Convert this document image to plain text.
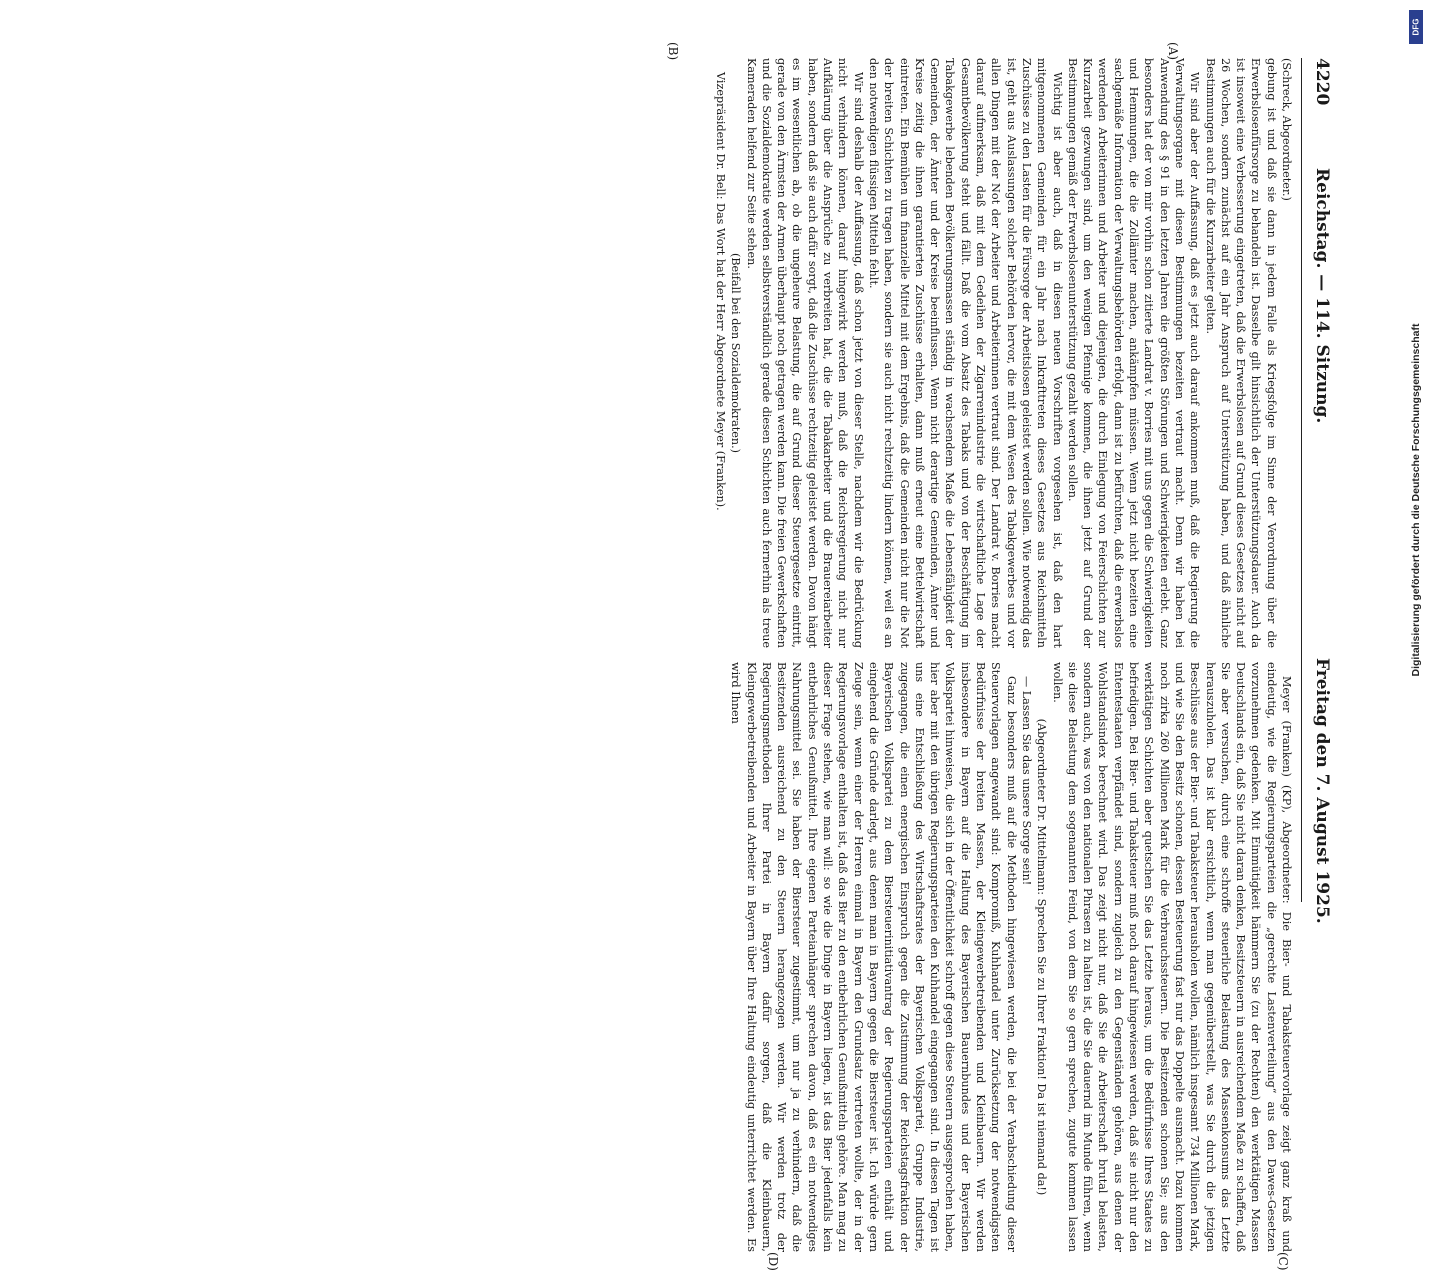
4220
Reichstag. — 114. Sitzung.
Freitag den 7. August 1925.
(A)
(B)
(C)
(D)

(Schreck, Abgeordneter.)

gebung ist und daß sie dann in jedem Falle als Kriegsfolge im Sinne der Verordnung über die Erwerbslosenfürsorge zu behandeln ist. Dasselbe gilt hinsichtlich der Unterstützungsdauer. Auch da ist insoweit eine Verbesserung eingetreten, daß die Erwerbslosen auf Grund dieses Gesetzes nicht auf 26 Wochen, sondern zunächst auf ein Jahr Anspruch auf Unterstützung haben, und daß ähnliche Bestimmungen auch für die Kurzarbeiter gelten.

Wir sind aber der Auffassung, daß es jetzt auch darauf ankommen muß, daß die Regierung die Verwaltungsorgane mit diesen Bestimmungen bezeiten vertraut macht. Denn wir haben bei Anwendung des § 91 in den letzten Jahren die größten Störungen und Schwierigkeiten erlebt. Ganz besonders hat der von mir vorhin schon zitierte Landrat v. Borries mit uns gegen die Schwierigkeiten und Hemmungen, die die Zollämter machen, ankämpfen müssen. Wenn jetzt nicht bezeiten eine sachgemäße Information der Verwaltungsbehörden erfolgt, dann ist zu befürchten, daß die erwerbslos werdenden Arbeiterinnen und Arbeiter und diejenigen, die durch Einlegung von Feierschichten zur Kurzarbeit gezwungen sind, um den wenigen Pfennige kommen, die ihnen jetzt auf Grund der Bestimmungen gemäß der Erwerbslosenunterstützung gezahlt werden sollen.

Wichtig ist aber auch, daß in diesen neuen Vorschriften vorgesehen ist, daß den hart mitgenommenen Gemeinden für ein Jahr nach Inkrafttreten dieses Gesetzes aus Reichsmitteln Zuschüsse zu den Lasten für die Fürsorge der Arbeitslosen geleistet werden sollen. Wie notwendig das ist, geht aus Auslassungen solcher Behörden hervor, die mit dem Wesen des Tabakgewerbes und vor allen Dingen mit der Not der Arbeiter und Arbeiterinnen vertraut sind. Der Landrat v. Borries macht darauf aufmerksam, daß mit dem Gedeihen der Zigarrenindustrie die wirtschaftliche Lage der Gesamtbevölkerung steht und fällt. Daß die vom Absatz des Tabaks und von der Beschäftigung im Tabakgewerbe lebenden Bevölkerungsmassen ständig in wachsendem Maße die Lebensfähigkeit der Gemeinden, der Ämter und der Kreise beeinflussen. Wenn nicht derartige Gemeinden, Ämter und Kreise zeitig die ihnen garantierten Zuschüsse erhalten, dann muß erneut eine Bettelwirtschaft eintreten. Ein Bemühen um finanzielle Mittel mit dem Ergebnis, daß die Gemeinden nicht nur die Not der breiten Schichten zu tragen haben, sondern sie auch nicht rechtzeitig lindern können, weil es an den notwendigen flüssigen Mitteln fehlt.

Wir sind deshalb der Auffassung, daß schon jetzt von dieser Stelle, nachdem wir die Bedrückung nicht verhindern können, darauf hingewirkt werden muß, daß die Reichsregierung nicht nur Aufklärung über die Ansprüche zu verbreiten hat, die die Tabakarbeiter und die Brauereiarbeiter haben, sondern daß sie auch dafür sorgt, daß die Zuschüsse rechtzeitig geleistet werden. Davon hängt es im wesentlichen ab, ob die ungeheure Belastung, die auf Grund dieser Steuergesetze eintritt, gerade von den Ärmsten der Armen überhaupt noch getragen werden kann. Die freien Gewerkschaften und die Sozialdemokratie werden selbstverständlich gerade diesen Schichten auch fernerhin als treue Kameraden helfend zur Seite stehen.

(Beifall bei den Sozialdemokraten.)

Vizepräsident Dr. Bell: Das Wort hat der Herr Abgeordnete Meyer (Franken).

Meyer (Franken) (KP), Abgeordneter: Die Bier- und Tabaksteuervorlage zeigt ganz kraß und eindeutig, wie die Regierungsparteien die „gerechte Lastenverteilung“ aus den Dawes-Gesetzen vorzunehmen gedenken. Mit Einmütigkeit hämmern Sie (zu der Rechten) den werktätigen Massen Deutschlands ein, daß Sie nicht daran denken, Besitzsteuern in ausreichendem Maße zu schaffen, daß Sie aber versuchen, durch eine schroffe steuerliche Belastung des Massenkonsums das Letzte herauszuholen. Das ist klar ersichtlich, wenn man gegenüberstellt, was Sie durch die jetzigen Beschlüsse aus der Bier- und Tabaksteuer herausholen wollen, nämlich insgesamt 734 Millionen Mark, und wie Sie den Besitz schonen, dessen Besteuerung fast nur das Doppelte ausmacht. Dazu kommen noch zirka 260 Millionen Mark für die Verbrauchssteuern. Die Besitzenden schonen Sie; aus den werktätigen Schichten aber quetschen Sie das Letzte heraus, um die Bedürfnisse Ihres Staates zu befriedigen. Bei Bier- und Tabaksteuer muß noch darauf hingewiesen werden, daß sie nicht nur den Ententestaaten verpfändet sind, sondern zugleich zu den Gegenständen gehören, aus denen der Wohlstandsindex berechnet wird. Das zeigt nicht nur, daß Sie die Arbeiterschaft brutal belasten, sondern auch, was von den nationalen Phrasen zu halten ist, die Sie dauernd im Munde führen, wenn sie diese Belastung dem sogenannten Feind, von dem Sie so gern sprechen, zugute kommen lassen wollen.

(Abgeordneter Dr. Mittelmann: Sprechen Sie zu Ihrer Fraktion! Da ist niemand da!)

— Lassen Sie das unsere Sorge sein!

Ganz besonders muß auf die Methoden hingewiesen werden, die bei der Verabschiedung dieser Steuervorlagen angewandt sind: Kompromiß, Kuhhandel unter Zurücksetzung der notwendigsten Bedürfnisse der breiten Massen, der Kleingewerbetreibenden und Kleinbauern. Wir werden insbesondere in Bayern auf die Haltung des Bayerischen Bauernbundes und der Bayerischen Volkspartei hinweisen, die sich in der Öffentlichkeit schroff gegen diese Steuern ausgesprochen haben, hier aber mit den übrigen Regierungsparteien den Kuhhandel eingegangen sind. In diesen Tagen ist uns eine Entschließung des Wirtschaftsrates der Bayerischen Volkspartei, Gruppe Industrie, zugegangen, die einen energischen Einspruch gegen die Zustimmung der Reichstagsfraktion der Bayerischen Volkspartei zu dem Biersteuerinitiativantrag der Regierungsparteien enthält und eingehend die Gründe darlegt, aus denen man in Bayern gegen die Biersteuer ist. Ich würde gern Zeuge sein, wenn einer der Herren einmal in Bayern den Grundsatz vertreten wollte, der in der Regierungsvorlage enthalten ist, daß das Bier zu den entbehrlichen Genußmitteln gehöre. Man mag zu dieser Frage stehen, wie man will: so wie die Dinge in Bayern liegen, ist das Bier jedenfalls kein entbehrliches Genußmittel. Ihre eigenen Parteianhänger sprechen davon, daß es ein notwendiges Nahrungsmittel sei. Sie haben der Biersteuer zugestimmt, um nur ja zu verhindern, daß die Besitzenden ausreichend zu den Steuern herangezogen werden. Wir werden trotz der Regierungsmethoden Ihrer Partei in Bayern dafür sorgen, daß die Kleinbauern, Kleingewerbetreibenden und Arbeiter in Bayern über Ihre Haltung eindeutig unterrichtet werden. Es wird Ihnen

DFG
Digitalisierung gefördert durch die Deutsche Forschungsgemeinschaft
